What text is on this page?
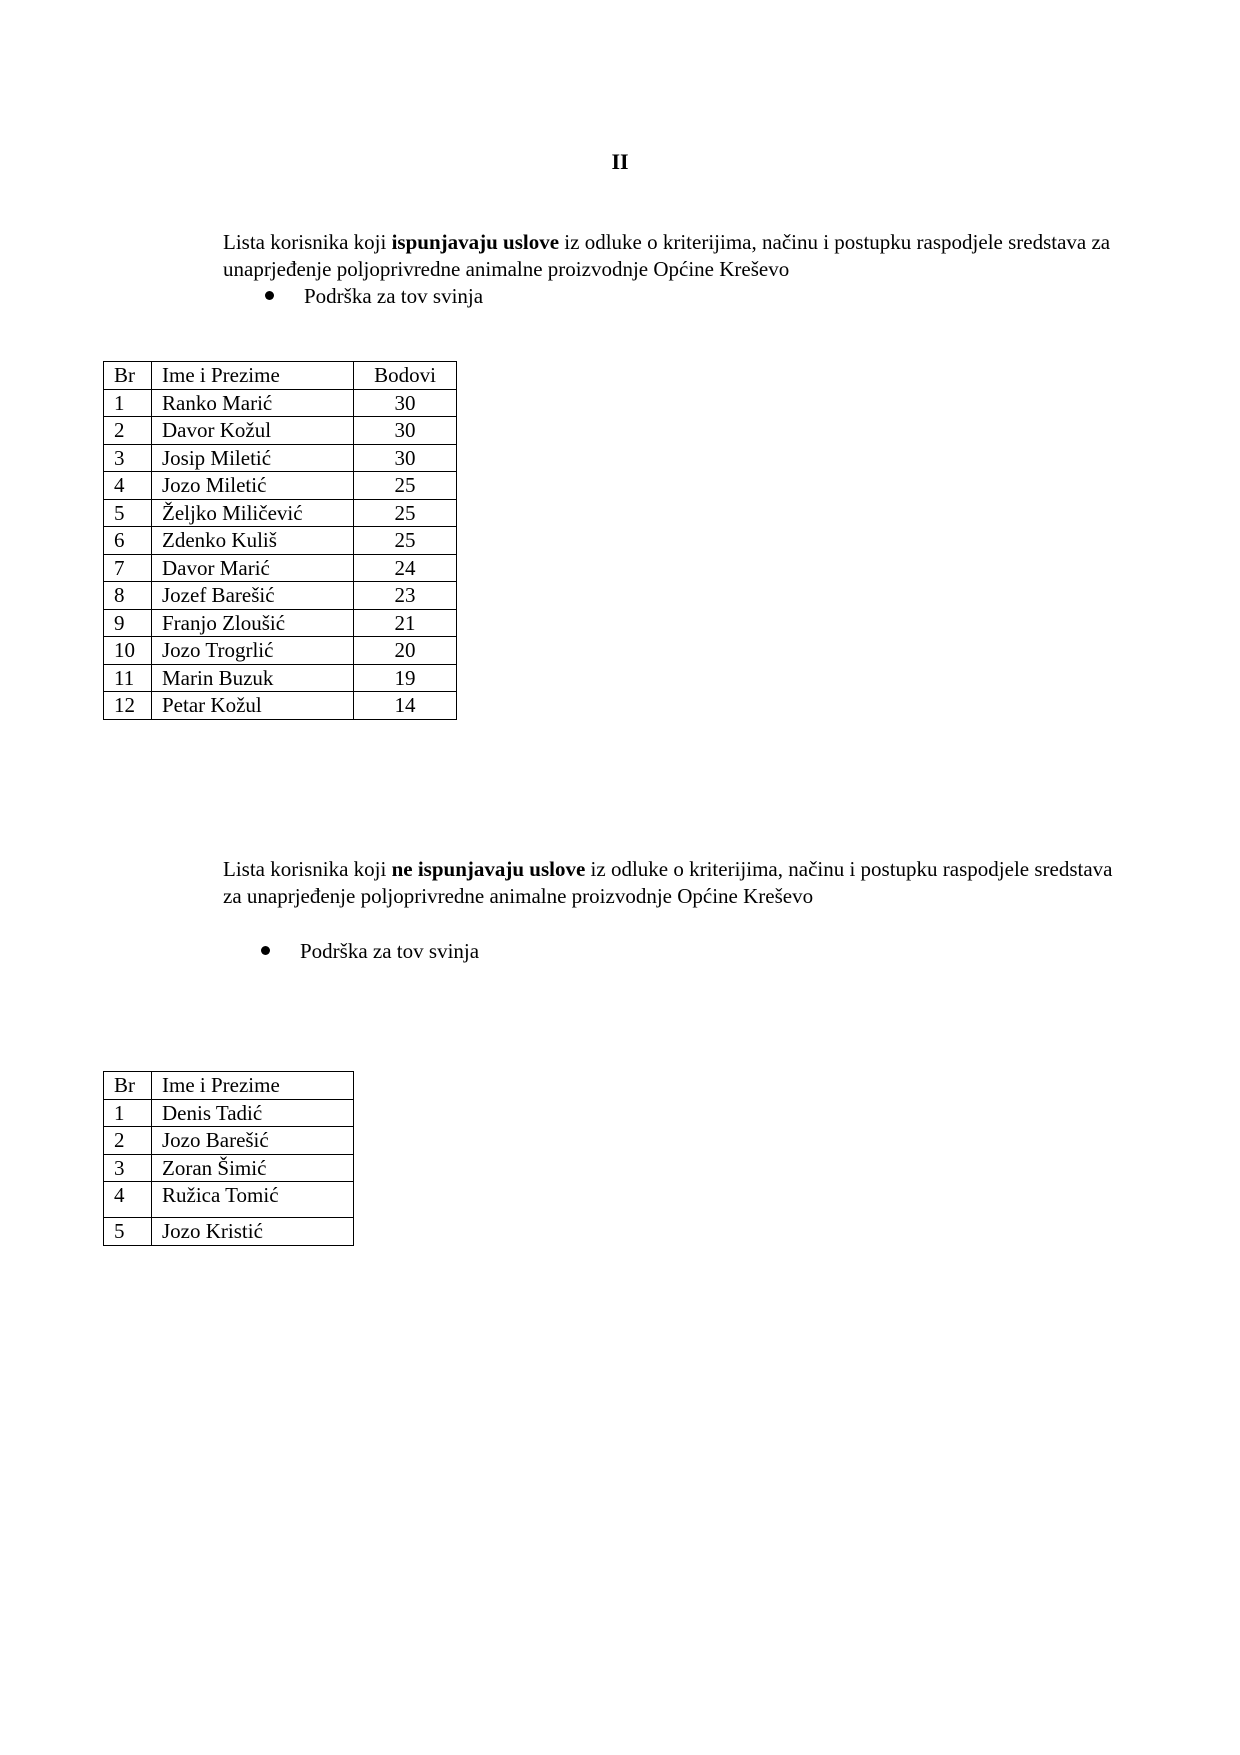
II

Lista korisnika koji ispunjavaju uslove iz odluke o kriterijima, načinu i postupku raspodjele sredstava za unaprjeđenje poljoprivredne animalne proizvodnje Općine Kreševo

Podrška za tov svinja
Br	Ime i Prezime	Bodovi
1	Ranko Marić	30
2	Davor Kožul	30
3	Josip Miletić	30
4	Jozo Miletić	25
5	Željko Miličević	25
6	Zdenko Kuliš	25
7	Davor Marić	24
8	Jozef Barešić	23
9	Franjo Zloušić	21
10	Jozo Trogrlić	20
11	Marin Buzuk	19
12	Petar Kožul	14

Lista korisnika koji ne ispunjavaju uslove iz odluke o kriterijima, načinu i postupku raspodjele sredstava za unaprjeđenje poljoprivredne animalne proizvodnje Općine Kreševo

Podrška za tov svinja
Br	Ime i Prezime
1	Denis Tadić
2	Jozo Barešić
3	Zoran Šimić
4	Ružica Tomić
5	Jozo Kristić
